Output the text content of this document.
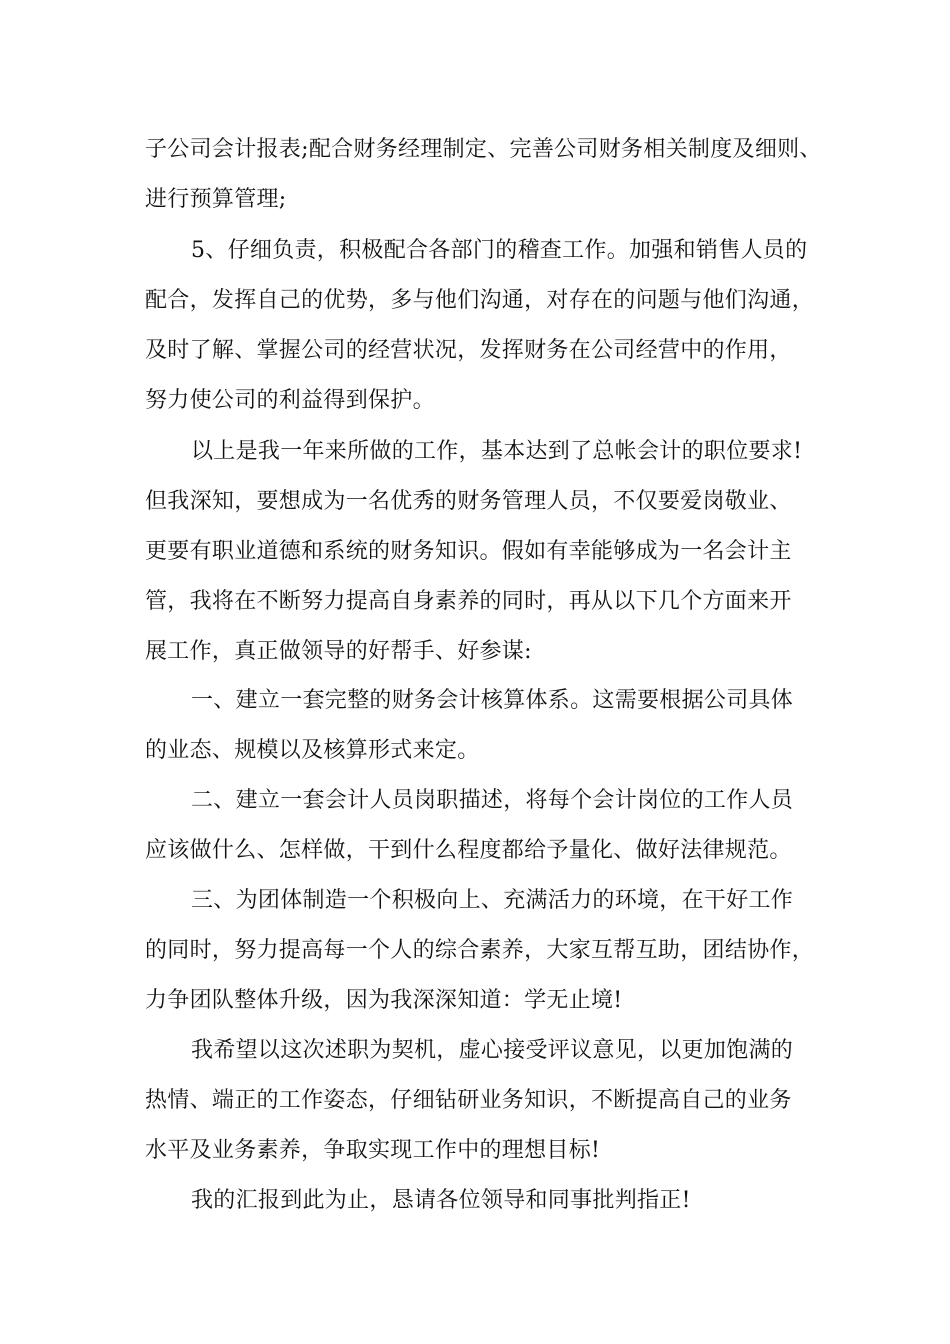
子公司会计报表;配合财务经理制定、完善公司财务相关制度及细则、
进行预算管理;
5、仔细负责，积极配合各部门的稽查工作。加强和销售人员的
配合，发挥自己的优势，多与他们沟通，对存在的问题与他们沟通，
及时了解、掌握公司的经营状况，发挥财务在公司经营中的作用，
努力使公司的利益得到保护。
以上是我一年来所做的工作，基本达到了总帐会计的职位要求!
但我深知，要想成为一名优秀的财务管理人员，不仅要爱岗敬业、
更要有职业道德和系统的财务知识。假如有幸能够成为一名会计主
管，我将在不断努力提高自身素养的同时，再从以下几个方面来开
展工作，真正做领导的好帮手、好参谋:
一、建立一套完整的财务会计核算体系。这需要根据公司具体
的业态、规模以及核算形式来定。
二、建立一套会计人员岗职描述，将每个会计岗位的工作人员
应该做什么、怎样做，干到什么程度都给予量化、做好法律规范。
三、为团体制造一个积极向上、充满活力的环境，在干好工作
的同时，努力提高每一个人的综合素养，大家互帮互助，团结协作，
力争团队整体升级，因为我深深知道：学无止境!
我希望以这次述职为契机，虚心接受评议意见，以更加饱满的
热情、端正的工作姿态，仔细钻研业务知识，不断提高自己的业务
水平及业务素养，争取实现工作中的理想目标!
我的汇报到此为止，恳请各位领导和同事批判指正!
